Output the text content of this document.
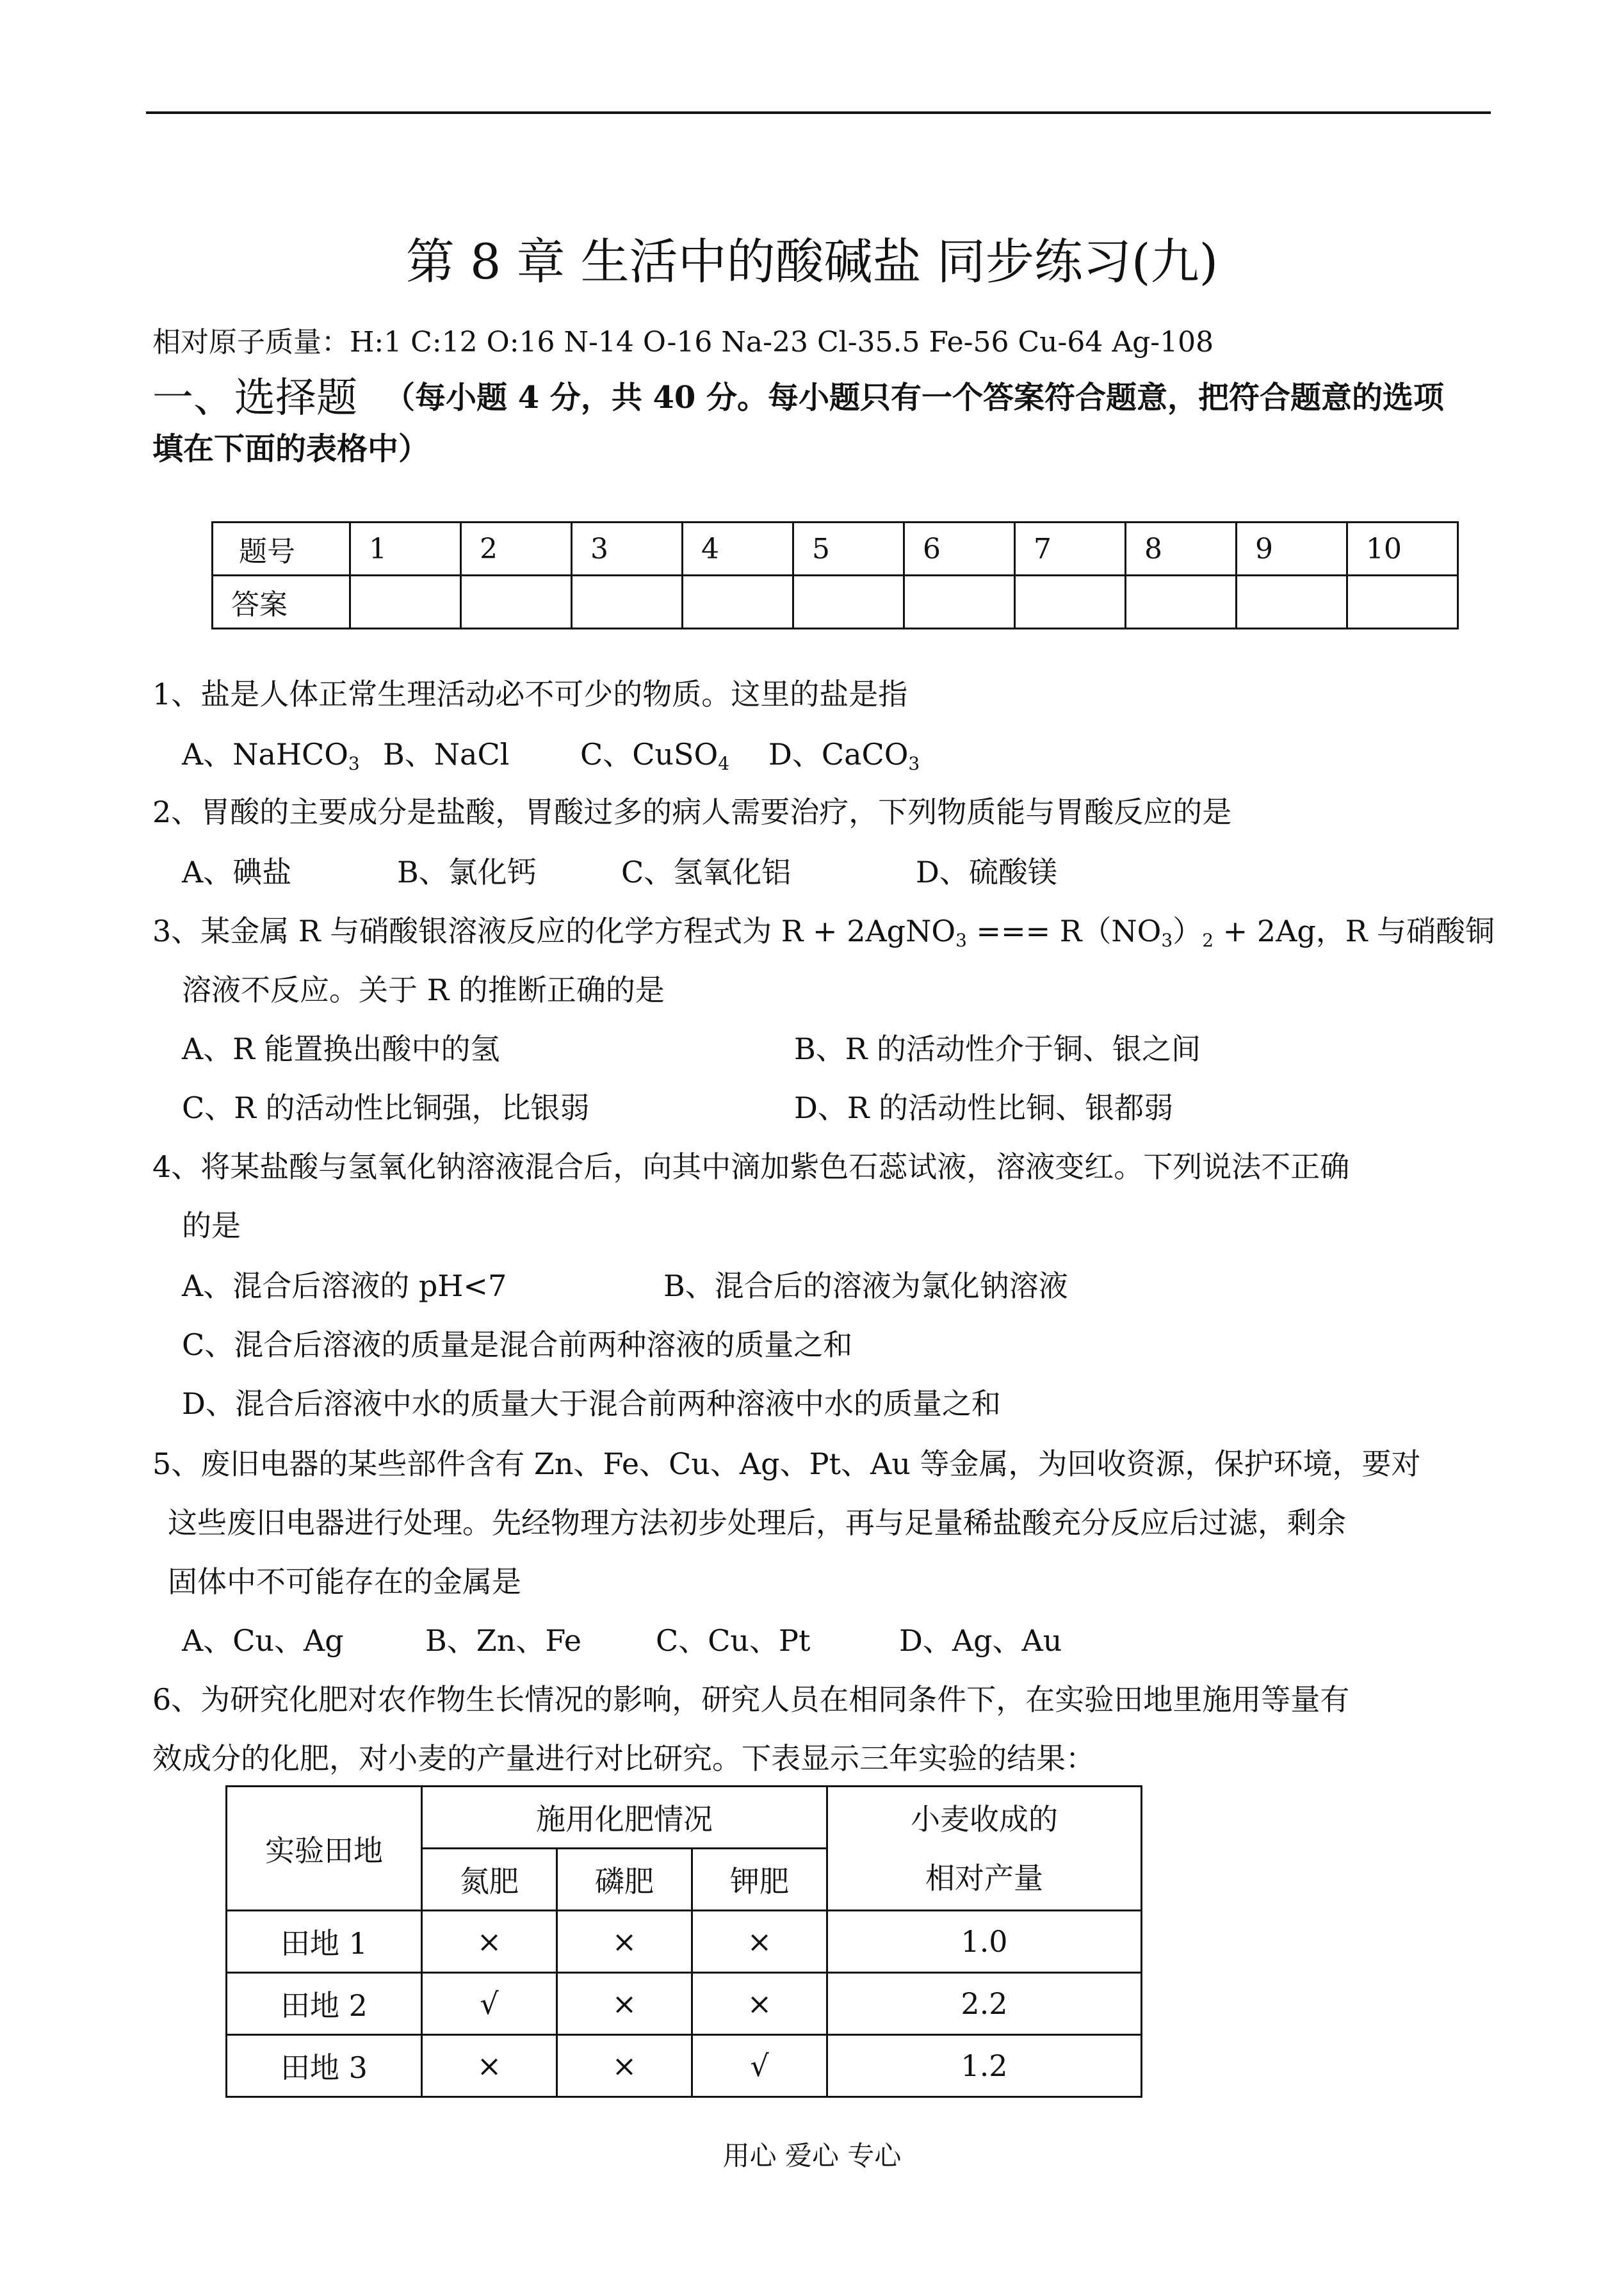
第 8 章 生活中的酸碱盐 同步练习(九)
相对原子质量：H:1 C:12 O:16 N-14 O-16 Na-23 Cl-35.5 Fe-56 Cu-64 Ag-108
一、选择题 （每小题 4 分，共 40 分。每小题只有一个答案符合题意，把符合题意的选项
填在下面的表格中）
题号	1	2	3	4	5	6	7	8	9	10
答案										
1、盐是人体正常生理活动必不可少的物质。这里的盐是指
A、NaHCO$_3$ B、NaCl C、CuSO$_4$ D、CaCO$_3$
2、胃酸的主要成分是盐酸，胃酸过多的病人需要治疗，下列物质能与胃酸反应的是
A、碘盐	B、氯化钙	C、氢氧化铝	D、硫酸镁
3、某金属 R 与硝酸银溶液反应的化学方程式为 R + 2AgNO$_3$ === $R(NO_3)_2 + 2Ag$，R 与硝酸铜
溶液不反应。关于 R 的推断正确的是
A、R 能置换出酸中的氢	B、R 的活动性介于铜、银之间
C、R 的活动性比铜强，比银弱	D、R 的活动性比铜、银都弱
4、将某盐酸与氢氧化钠溶液混合后，向其中滴加紫色石蕊试液，溶液变红。下列说法不正确
的是
A、混合后溶液的 pH<7	B、混合后的溶液为氯化钠溶液
C、混合后溶液的质量是混合前两种溶液的质量之和
D、混合后溶液中水的质量大于混合前两种溶液中水的质量之和
5、废旧电器的某些部件含有 Zn、Fe、Cu、Ag、Pt、Au 等金属，为回收资源，保护环境，要对
这些废旧电器进行处理。先经物理方法初步处理后，再与足量稀盐酸充分反应后过滤，剩余
固体中不可能存在的金属是
A、Cu、Ag	B、Zn、Fe	C、Cu、Pt	D、Ag、Au
6、为研究化肥对农作物生长情况的影响，研究人员在相同条件下，在实验田地里施用等量有
效成分的化肥，对小麦的产量进行对比研究。下表显示三年实验的结果：
实验田地	施用化肥情况			小麦收成的
相对产量
	氮肥	磷肥	钾肥	
田地 1	×	×	×	1.0
田地 2	√	×	×	2.2
田地 3	×	×	√	1.2
用心 爱心 专心
